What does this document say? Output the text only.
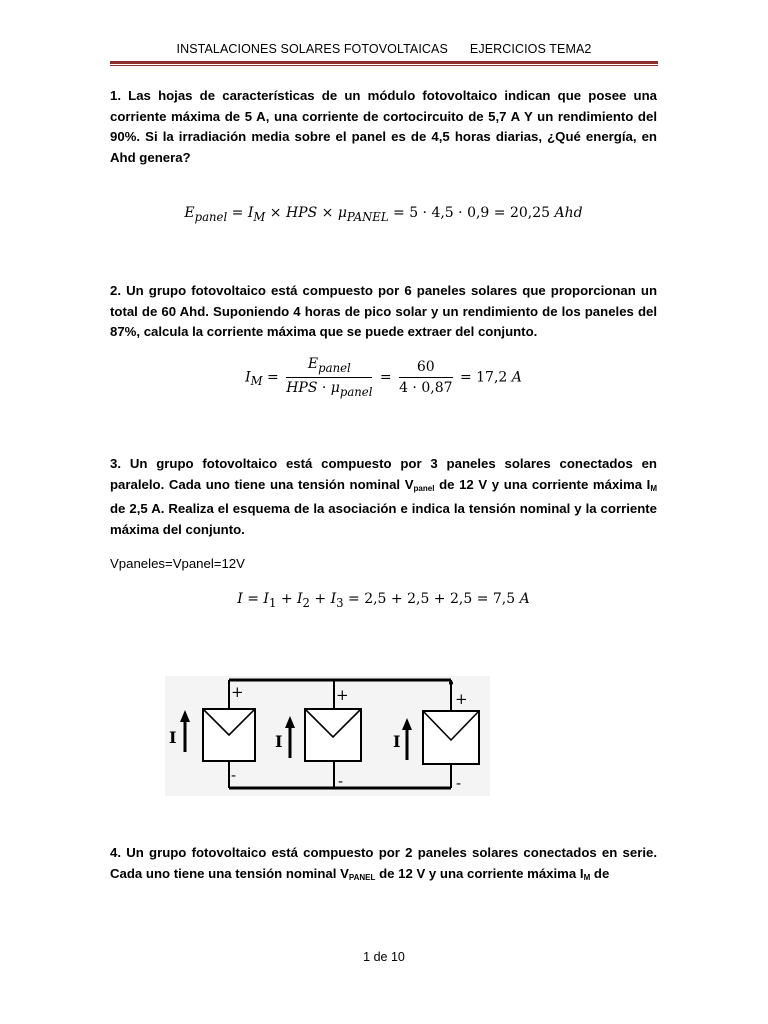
INSTALACIONES SOLARES FOTOVOLTAICAS EJERCICIOS TEMA2
1. Las hojas de características de un módulo fotovoltaico indican que posee una corriente máxima de 5 A, una corriente de cortocircuito de 5,7 A Y un rendimiento del 90%. Si la irradiación media sobre el panel es de 4,5 horas diarias, ¿Qué energía, en Ahd genera?
$E_{panel} = I_M$ × HPS × $\mu_{PANEL} = 5 \cdot 4,5 \cdot 0,9 = 20,25$ Ahd
2. Un grupo fotovoltaico está compuesto por 6 paneles solares que proporcionan un total de 60 Ahd. Suponiendo 4 horas de pico solar y un rendimiento de los paneles del 87%, calcula la corriente máxima que se puede extraer del conjunto.
$I_M = \frac{E_{panel}}{HPS \cdot \mu_{panel}} = \frac{60}{4 \cdot 0,87} = 17,2$ A
3. Un grupo fotovoltaico está compuesto por 3 paneles solares conectados en paralelo. Cada uno tiene una tensión nominal $V_{panel}$ de 12 V y una corriente máxima $I_M$ de 2,5 A. Realiza el esquema de la asociación e indica la tensión nominal y la corriente máxima del conjunto.
Vpaneles=Vpanel=12V
$I = I_1 + I_2 + I_3 = 2,5 + 2,5 + 2,5 = 7,5$ A
I	I	I
+	+	+
-	-	-
4. Un grupo fotovoltaico está compuesto por 2 paneles solares conectados en serie. Cada uno tiene una tensión nominal $V_{PANEL}$ de 12 V y una corriente máxima $I_M$ de
1 de 10
